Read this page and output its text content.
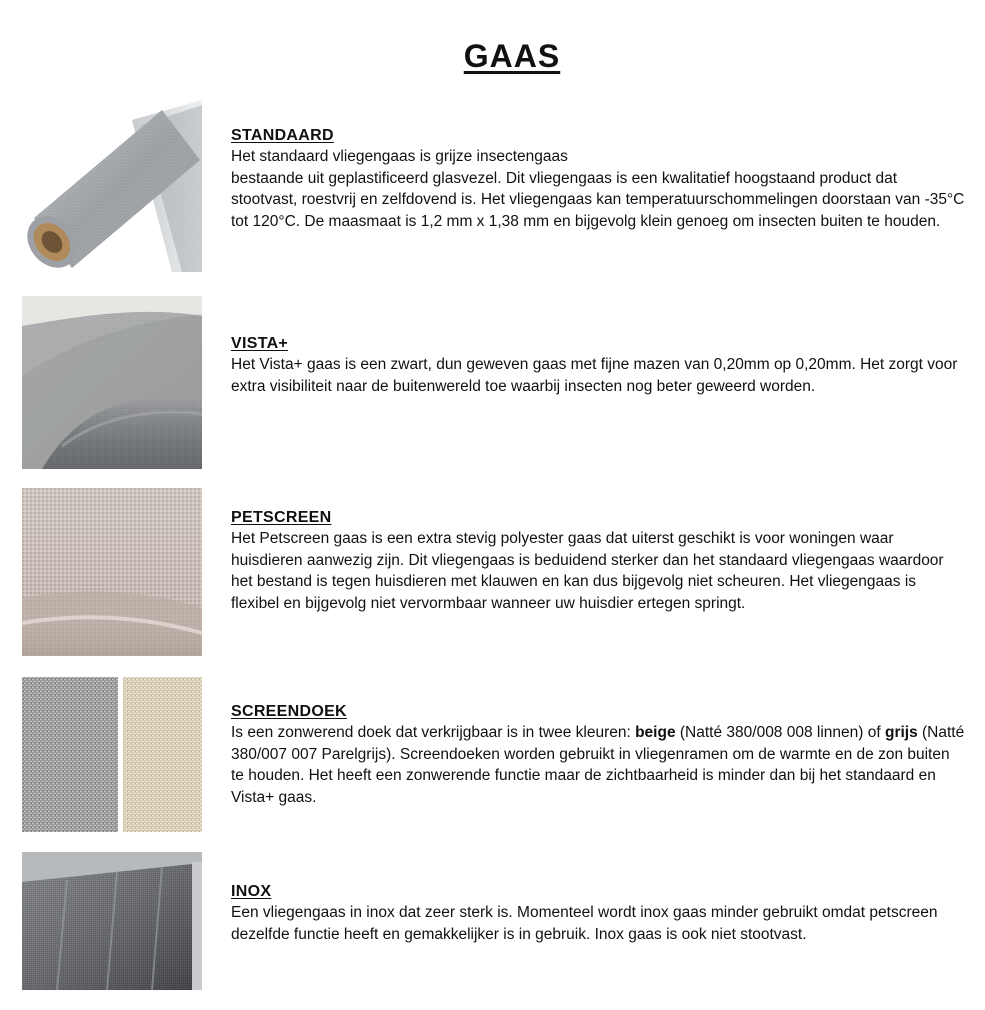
GAAS
STANDAARD

Het standaard vliegengaas is grijze insectengaas
bestaande uit geplastificeerd glasvezel. Dit vliegengaas is een kwalitatief hoogstaand product dat stootvast, roestvrij en zelfdovend is. Het vliegengaas kan temperatuurschommelingen doorstaan van -35°C tot 120°C. De maasmaat is 1,2 mm x 1,38 mm en bijgevolg klein genoeg om insecten buiten te houden.

VISTA+

Het Vista+ gaas is een zwart, dun geweven gaas met fijne mazen van 0,20mm op 0,20mm. Het zorgt voor extra visibiliteit naar de buitenwereld toe waarbij insecten nog beter geweerd worden.

PETSCREEN

Het Petscreen gaas is een extra stevig polyester gaas dat uiterst geschikt is voor woningen waar huisdieren aanwezig zijn. Dit vliegengaas is beduidend sterker dan het standaard vliegengaas waardoor het bestand is tegen huisdieren met klauwen en kan dus bijgevolg niet scheuren. Het vliegengaas is flexibel en bijgevolg niet vervormbaar wanneer uw huisdier ertegen springt.

SCREENDOEK

Is een zonwerend doek dat verkrijgbaar is in twee kleuren: beige (Natté 380/008 008 linnen) of grijs (Natté 380/007 007 Parelgrijs). Screendoeken worden gebruikt in vliegenramen om de warmte en de zon buiten te houden. Het heeft een zonwerende functie maar de zichtbaarheid is minder dan bij het standaard en Vista+ gaas.

INOX

Een vliegengaas in inox dat zeer sterk is. Momenteel wordt inox gaas minder gebruikt omdat petscreen dezelfde functie heeft en gemakkelijker is in gebruik. Inox gaas is ook niet stootvast.
